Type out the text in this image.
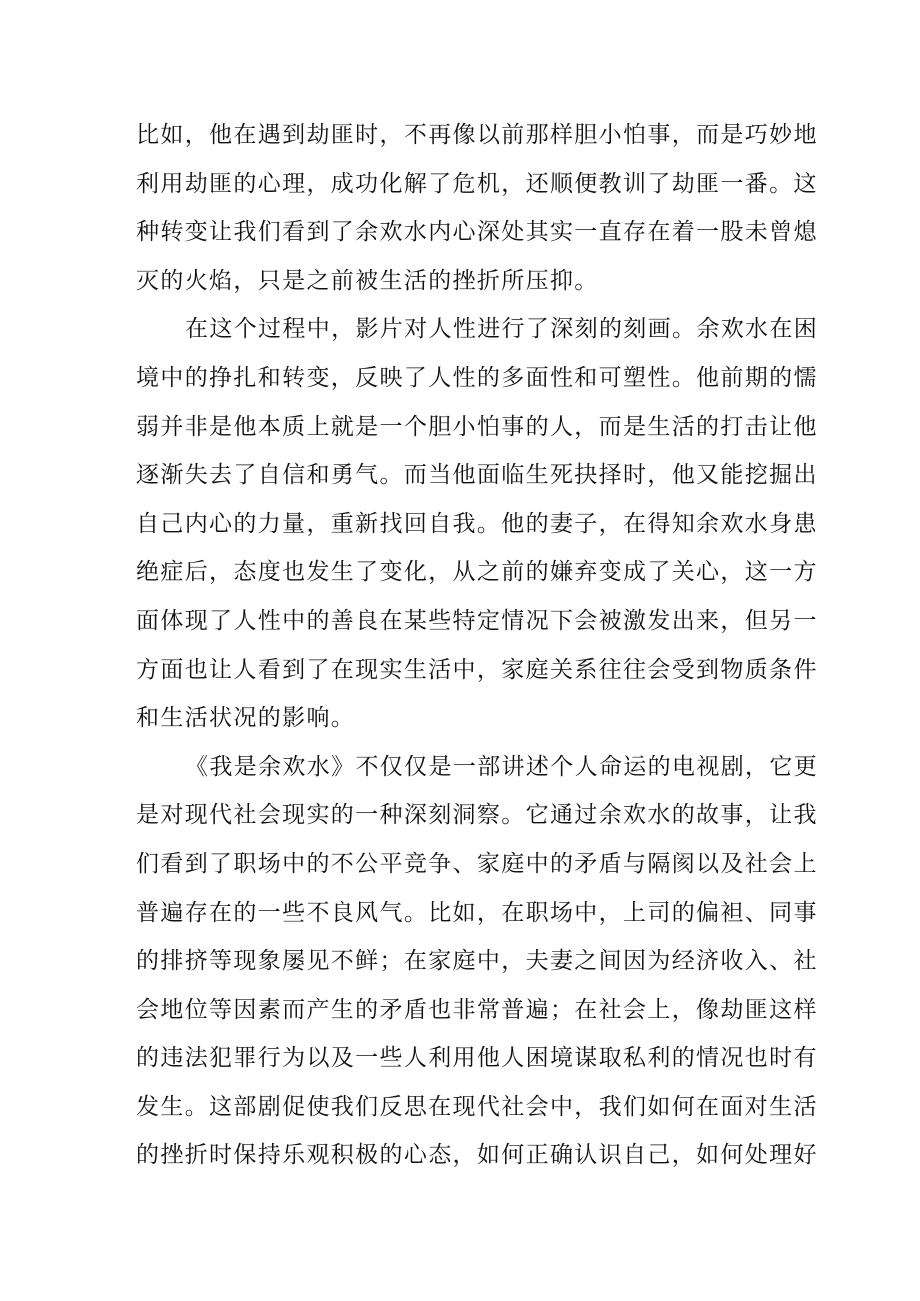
比如，他在遇到劫匪时，不再像以前那样胆小怕事，而是巧妙地
利用劫匪的心理，成功化解了危机，还顺便教训了劫匪一番。这
种转变让我们看到了余欢水内心深处其实一直存在着一股未曾熄
灭的火焰，只是之前被生活的挫折所压抑。
在这个过程中，影片对人性进行了深刻的刻画。余欢水在困
境中的挣扎和转变，反映了人性的多面性和可塑性。他前期的懦
弱并非是他本质上就是一个胆小怕事的人，而是生活的打击让他
逐渐失去了自信和勇气。而当他面临生死抉择时，他又能挖掘出
自己内心的力量，重新找回自我。他的妻子，在得知余欢水身患
绝症后，态度也发生了变化，从之前的嫌弃变成了关心，这一方
面体现了人性中的善良在某些特定情况下会被激发出来，但另一
方面也让人看到了在现实生活中，家庭关系往往会受到物质条件
和生活状况的影响。
《我是余欢水》不仅仅是一部讲述个人命运的电视剧，它更
是对现代社会现实的一种深刻洞察。它通过余欢水的故事，让我
们看到了职场中的不公平竞争、家庭中的矛盾与隔阂以及社会上
普遍存在的一些不良风气。比如，在职场中，上司的偏袒、同事
的排挤等现象屡见不鲜；在家庭中，夫妻之间因为经济收入、社
会地位等因素而产生的矛盾也非常普遍；在社会上，像劫匪这样
的违法犯罪行为以及一些人利用他人困境谋取私利的情况也时有
发生。这部剧促使我们反思在现代社会中，我们如何在面对生活
的挫折时保持乐观积极的心态，如何正确认识自己，如何处理好
